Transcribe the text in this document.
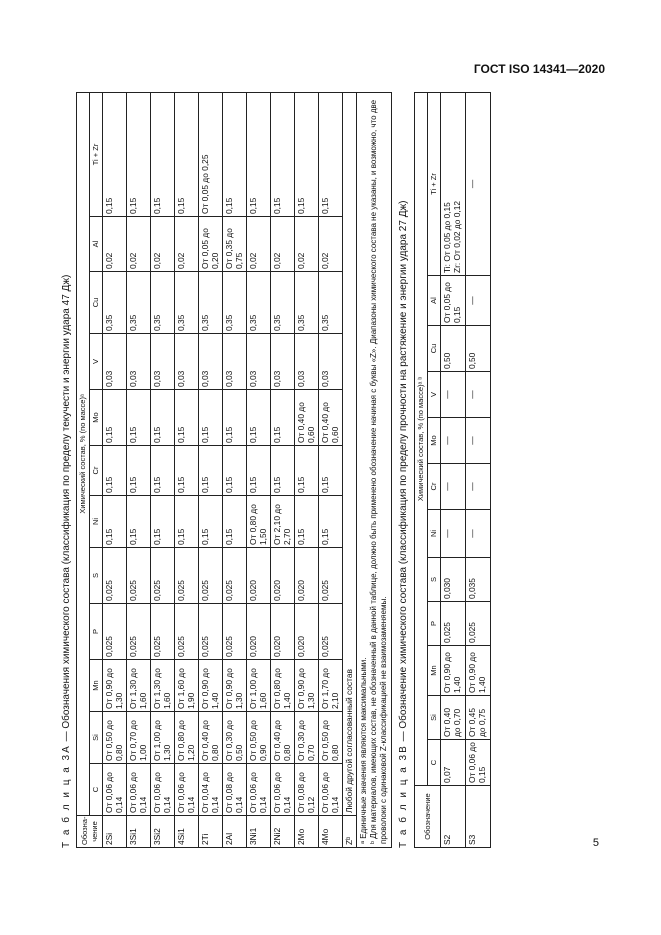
ГОСТ ISO 14341—2020
Т а б л и ц а 3А — Обозначения химического состава (классификация по пределу текучести и энергии удара 47 Дж)
Обозна-
чение	Химический состав, % (по массе)ᵃ											
	C	Si	Mn	P	S	Ni	Cr	Mo	V	Cu	Al	Ti + Zr
2Si	От 0,06 до 0,14	От 0,50 до 0,80	От 0,90 до 1,30	0,025	0,025	0,15	0,15	0,15	0,03	0,35	0,02	0,15
3Si1	От 0,06 до 0,14	От 0,70 до 1,00	От 1,30 до 1,60	0,025	0,025	0,15	0,15	0,15	0,03	0,35	0,02	0,15
3Si2	От 0,06 до 0,14	От 1,00 до 1,30	От 1,30 до 1,60	0,025	0,025	0,15	0,15	0,15	0,03	0,35	0,02	0,15
4Si1	От 0,06 до 0,14	От 0,80 до 1,20	От 1,60 до 1,90	0,025	0,025	0,15	0,15	0,15	0,03	0,35	0,02	0,15
2Ti	От 0,04 до 0,14	От 0,40 до 0,80	От 0,90 до 1,40	0,025	0,025	0,15	0,15	0,15	0,03	0,35	От 0,05 до 0,20	От 0,05 до 0,25
2Al	От 0,08 до 0,14	От 0,30 до 0,50	От 0,90 до 1,30	0,025	0,025	0,15	0,15	0,15	0,03	0,35	От 0,35 до 0,75	0,15
3Ni1	От 0,06 до 0,14	От 0,50 до 0,90	От 1,00 до 1,60	0,020	0,020	От 0,80 до 1,50	0,15	0,15	0,03	0,35	0,02	0,15
2Ni2	От 0,06 до 0,14	От 0,40 до 0,80	От 0,80 до 1,40	0,020	0,020	От 2,10 до 2,70	0,15	0,15	0,03	0,35	0,02	0,15
2Mo	От 0,08 до 0,12	От 0,30 до 0,70	От 0,90 до 1,30	0,020	0,020	0,15	0,15	От 0,40 до 0,60	0,03	0,35	0,02	0,15
4Mo	От 0,06 до 0,14	От 0,50 до 0,80	От 1,70 до 2,10	0,025	0,025	0,15	0,15	От 0,40 до 0,60	0,03	0,35	0,02	0,15
Zᵇ	Любой другой согласованный состав											

ᵃ Единичные значения являются максимальными. ᵇ Для материалов, имеющих состав, не обозначенный в данной таблице, должно быть применено обозначение начиная с буквы «Z». Диапазоны химического состава не указаны, и возможно, что две проволоки с одинаковой Z-классификацией не взаимозаменяемы.												Т а б л и ц а 3В — Обозначение химического состава (классификация по пределу прочности на растяжение и энергии удара 27 Дж)
Обозначение	Химический состав, % (по массе)ᵃ ᵇ											
	C	Si	Mn	P	S	Ni	Cr	Mo	V	Cu	Al	Ti + Zr
S2	0,07	От 0,40 до 0,70	От 0,90 до 1,40	0,025	0,030	—	—	—	—	0,50	От 0,05 до 0,15	Ti: От 0,05 до 0,15
Zr: От 0,02 до 0,12
S3	От 0,06 до 0,15	От 0,45 до 0,75	От 0,90 до 1,40	0,025	0,035	—	—	—	—	0,50	—	—
5
